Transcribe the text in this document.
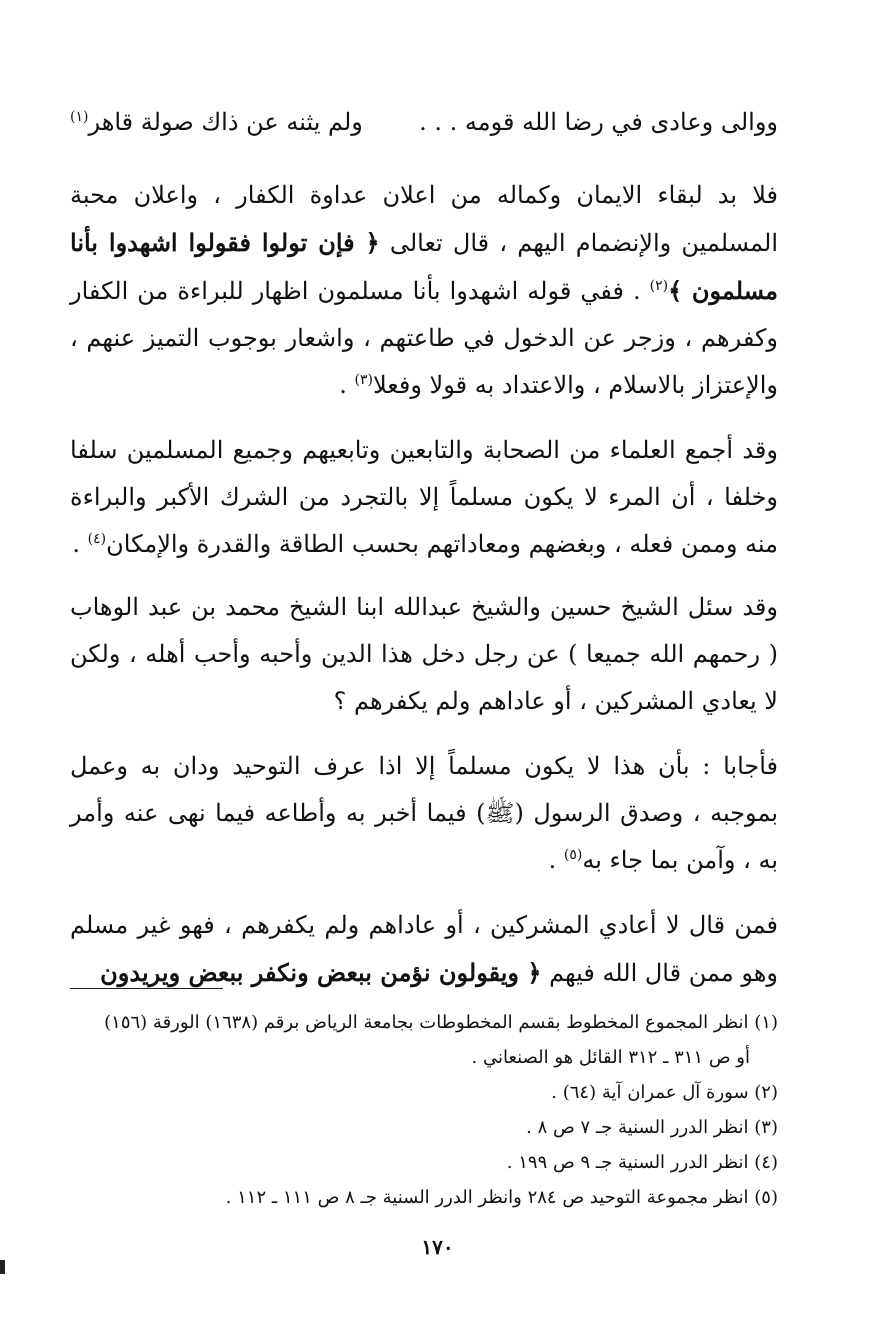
ووالى وعادى في رضا الله قومه . . .
ولم يثنه عن ذاك صولة قاهر$^{(١)}$

فلا بد لبقاء الايمان وكماله من اعلان عداوة الكفار ، واعلان محبة المسلمين والإنضمام اليهم ، قال تعالى ﴿ فإن تولوا فقولوا اشهدوا بأنا مسلمون ﴾$^{(٢)}$ . ففي قوله اشهدوا بأنا مسلمون اظهار للبراءة من الكفار وكفرهم ، وزجر عن الدخول في طاعتهم ، واشعار بوجوب التميز عنهم ، والإعتزاز بالاسلام ، والاعتداد به قولا وفعلا$^{(٣)}$ .

وقد أجمع العلماء من الصحابة والتابعين وتابعيهم وجميع المسلمين سلفا وخلفا ، أن المرء لا يكون مسلماً إلا بالتجرد من الشرك الأكبر والبراءة منه وممن فعله ، وبغضهم ومعاداتهم بحسب الطاقة والقدرة والإمكان$^{(٤)}$ .

وقد سئل الشيخ حسين والشيخ عبدالله ابنا الشيخ محمد بن عبد الوهاب ( رحمهم الله جميعا ) عن رجل دخل هذا الدين وأحبه وأحب أهله ، ولكن لا يعادي المشركين ، أو عاداهم ولم يكفرهم ؟

فأجابا : بأن هذا لا يكون مسلماً إلا اذا عرف التوحيد ودان به وعمل بموجبه ، وصدق الرسول (ﷺ) فيما أخبر به وأطاعه فيما نهى عنه وأمر به ، وآمن بما جاء به$^{(٥)}$ .

فمن قال لا أعادي المشركين ، أو عاداهم ولم يكفرهم ، فهو غير مسلم وهو ممن قال الله فيهم ﴿ ويقولون نؤمن ببعض ونكفر ببعض ويريدون

(١) انظر المجموع المخطوط بقسم المخطوطات بجامعة الرياض برقم (١٦٣٨) الورقة (١٥٦)
أو ص ٣١١ ـ ٣١٢ القائل هو الصنعاني .
(٢) سورة آل عمران آية (٦٤) .
(٣) انظر الدرر السنية جـ ٧ ص ٨ .
(٤) انظر الدرر السنية جـ ٩ ص ١٩٩ .
(٥) انظر مجموعة التوحيد ص ٢٨٤ وانظر الدرر السنية جـ ٨ ص ١١١ ـ ١١٢ .
١٧٠
